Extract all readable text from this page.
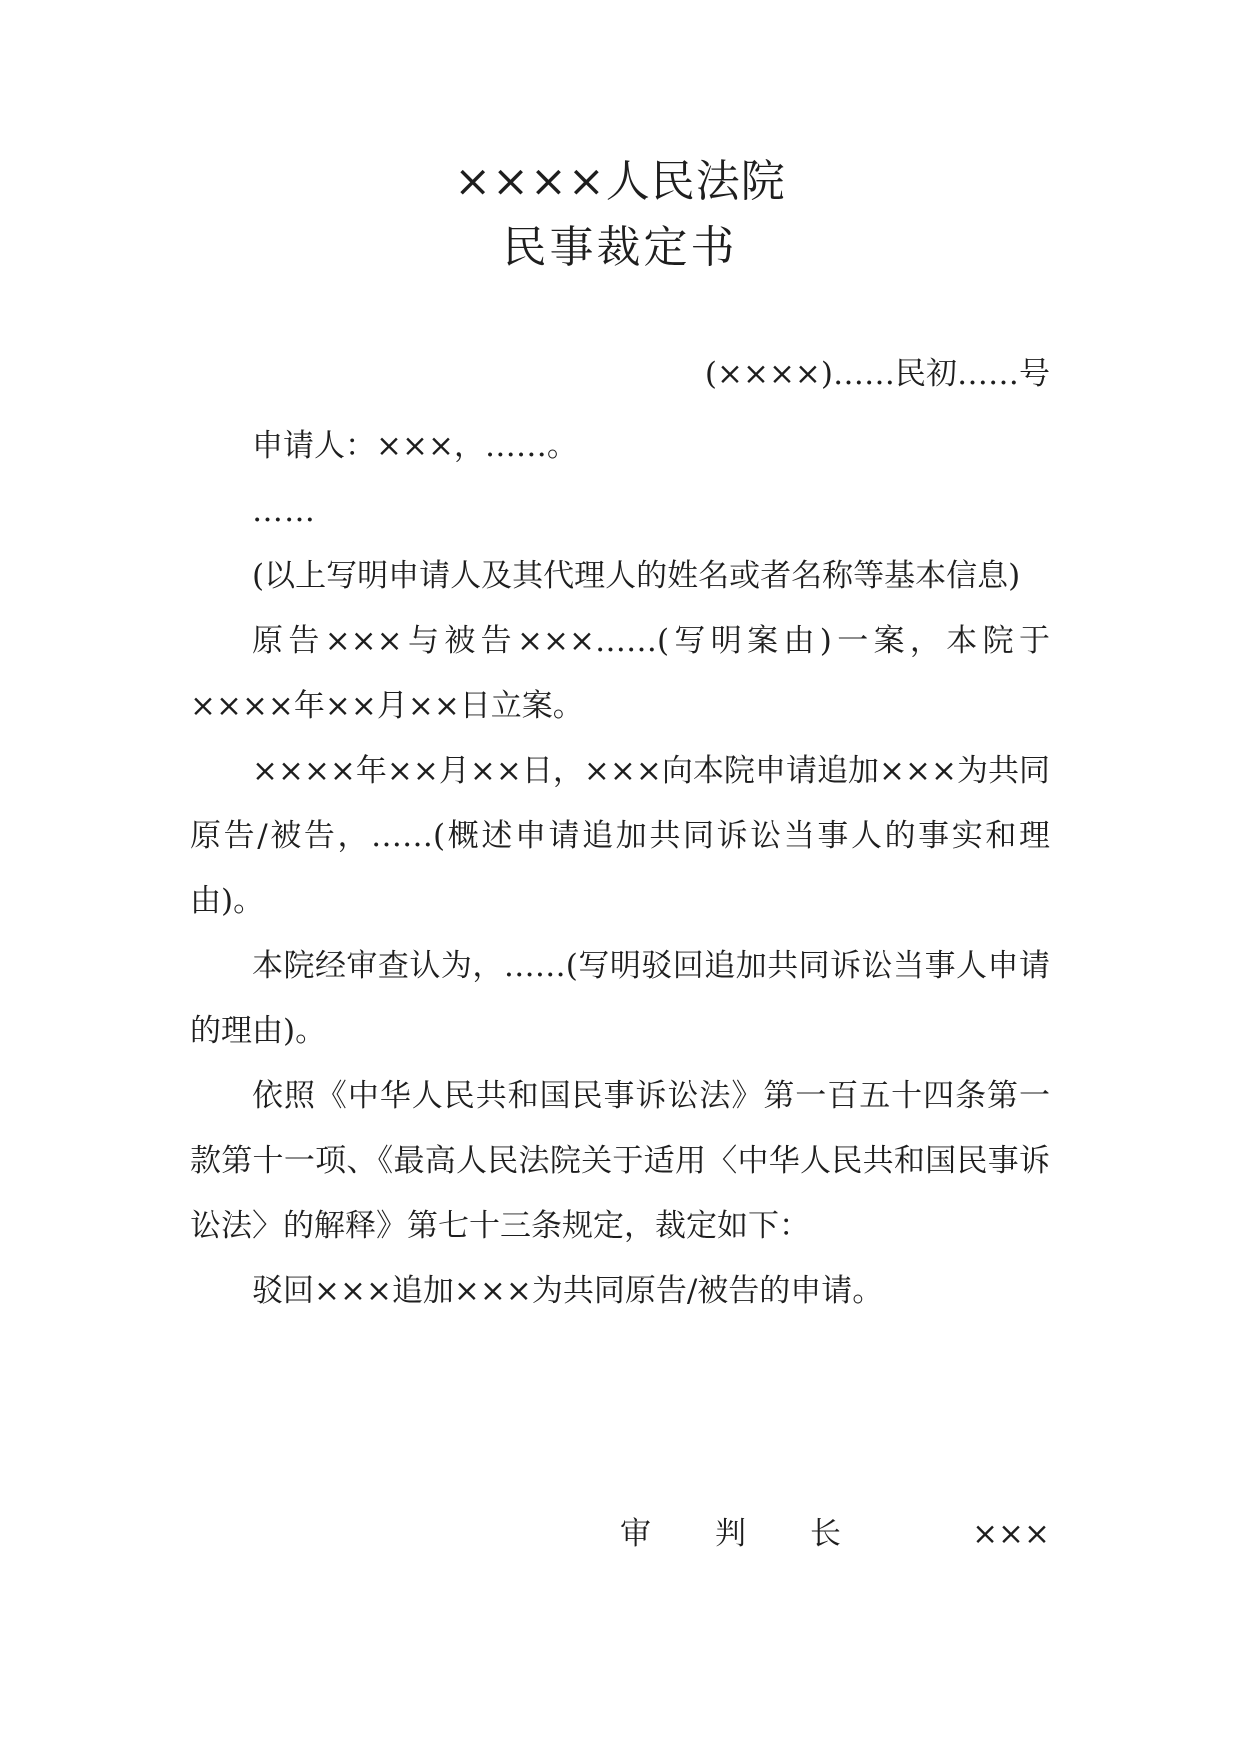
××××人民法院
民事裁定书
(××××)……民初……号

申请人：×××，……。

……

(以上写明申请人及其代理人的姓名或者名称等基本信息)

原告×××与被告×××……(写明案由)一案，本院于××××年××月××日立案。

××××年××月××日，×××向本院申请追加×××为共同原告/被告，……(概述申请追加共同诉讼当事人的事实和理由)。

本院经审查认为，……(写明驳回追加共同诉讼当事人申请的理由)。

依照《中华人民共和国民事诉讼法》第一百五十四条第一款第十一项、《最高人民法院关于适用〈中华人民共和国民事诉讼法〉的解释》第七十三条规定，裁定如下：

驳回×××追加×××为共同原告/被告的申请。

审判长 ×××
